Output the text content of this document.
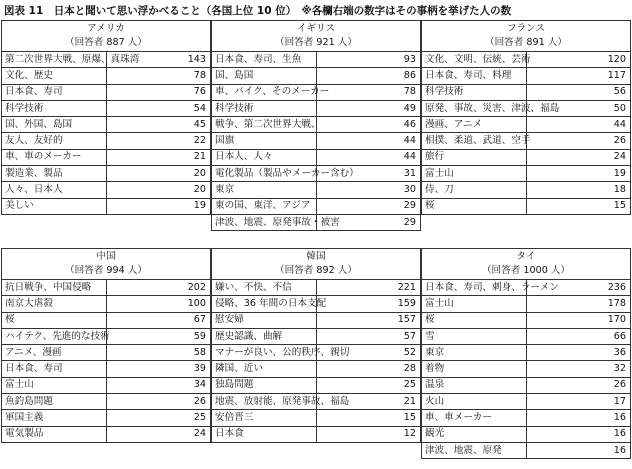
図表 11　日本と聞いて思い浮かべること（各国上位 10 位）　※各欄右端の数字はその事柄を挙げた人の数
アメリカ
（回答者 887 人）	

第二次世界大戦、原爆、真珠湾	143
文化、歴史	78
日本食、寿司	76
科学技術	54
国、外国、島国	45
友人、友好的	22
車、車のメーカー	21
製造業、製品	20
人々、日本人	20
美しい	19

イギリス
（回答者 921 人）	

日本食、寿司、生魚	93
国、島国	86
車、バイク、そのメーカー	78
科学技術	49
戦争、第二次世界大戦、	46
国旗	44
日本人、人々	44
電化製品（製品やメーカー含む）	31
東京	30
東の国、東洋、アジア	29
津波、地震、原発事故・被害	29
フランス
（回答者 891 人）	

文化、文明、伝統、芸術	120
日本食、寿司、料理	117
科学技術	56
原発、事故、災害、津波、福島	50
漫画、アニメ	44
相撲、柔道、武道、空手	26
旅行	24
富士山	19
侍、刀	18
桜	15

中国
（回答者 994 人）	

抗日戦争、中国侵略	202
南京大虐殺	100
桜	67
ハイテク、先進的な技術	59
アニメ、漫画	58
日本食、寿司	39
富士山	34
魚釣島問題	26
軍国主義	25
電気製品	24

韓国
（回答者 892 人）	

嫌い、不快、不信	221
侵略、36 年間の日本支配	159
慰安婦	157
歴史認識、曲解	57
マナーが良い、公的秩序、親切	52
隣国、近い	28
独島問題	25
地震、放射能、原発事故、福島	21
安倍晋三	15
日本食	12

タイ
（回答者 1000 人）	

日本食、寿司、刺身、ラーメン	236
富士山	178
桜	170
雪	66
東京	36
着物	32
温泉	26
火山	17
車、車メーカー	16
観光	16
津波、地震、原発	16
